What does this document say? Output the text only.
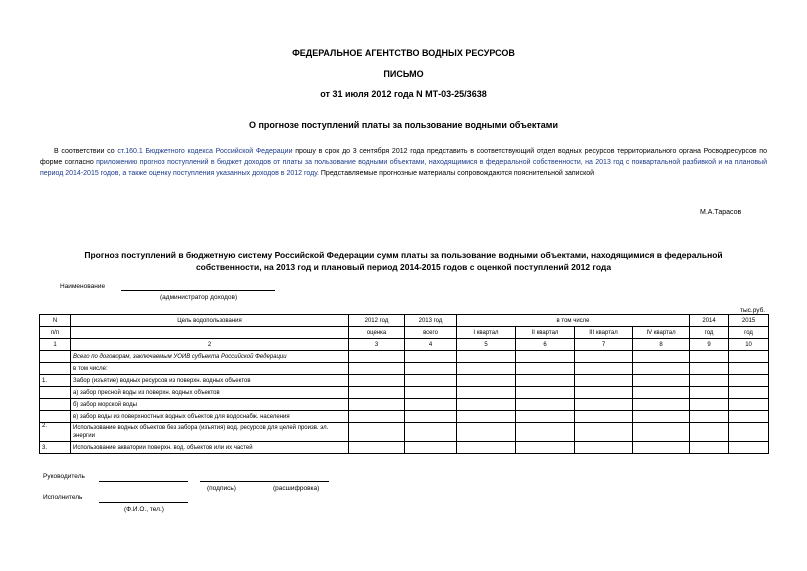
ФЕДЕРАЛЬНОЕ АГЕНТСТВО ВОДНЫХ РЕСУРСОВ
ПИСЬМО
от 31 июля 2012 года N МТ-03-25/3638
О прогнозе поступлений платы за пользование водными объектами
В соответствии со ст.160.1 Бюджетного кодекса Российской Федерации прошу в срок до 3 сентября 2012 года представить в соответствующий отдел водных ресурсов территориального органа Росводресурсов по форме согласно приложению прогноз поступлений в бюджет доходов от платы за пользование водными объектами, находящимися в федеральной собственности, на 2013 год с поквартальной разбивкой и на плановый период 2014-2015 годов, а также оценку поступления указанных доходов в 2012 году. Представляемые прогнозные материалы сопровождаются пояснительной запиской
М.А.Тарасов
Прогноз поступлений в бюджетную систему Российской Федерации сумм платы за пользование водными объектами, находящимися в федеральной собственности, на 2013 год и плановый период 2014-2015 годов с оценкой поступлений 2012 года
Наименование
(администратор доходов)
тыс.руб.
N	Цель водопользования	2012 год	2013 год	в том числе				2014	2015
п/п		оценка	всего	I квартал	II квартал	III квартал	IV квартал	год	год
1	2	3	4	5	6	7	8	9	10
	Всего по договорам, заключаемым УОИВ субъекта Российской Федерации								
	в том числе:								
1.	Забор (изъятие) водных ресурсов из поверхн. водных объектов								
	а) забор пресной воды из поверхн. водных объектов								
	б) забор морской воды								
	в) забор воды из поверхностных водных объектов для водоснабж. населения								
2.	Использование водных объектов без забора (изъятия) вод. ресурсов для целей произв. эл. энергии								
3.	Использование акватории поверхн. вод. объектов или их частей								
Руководитель
(подпись)	(расшифровка)
Исполнитель
(Ф.И.О., тел.)
